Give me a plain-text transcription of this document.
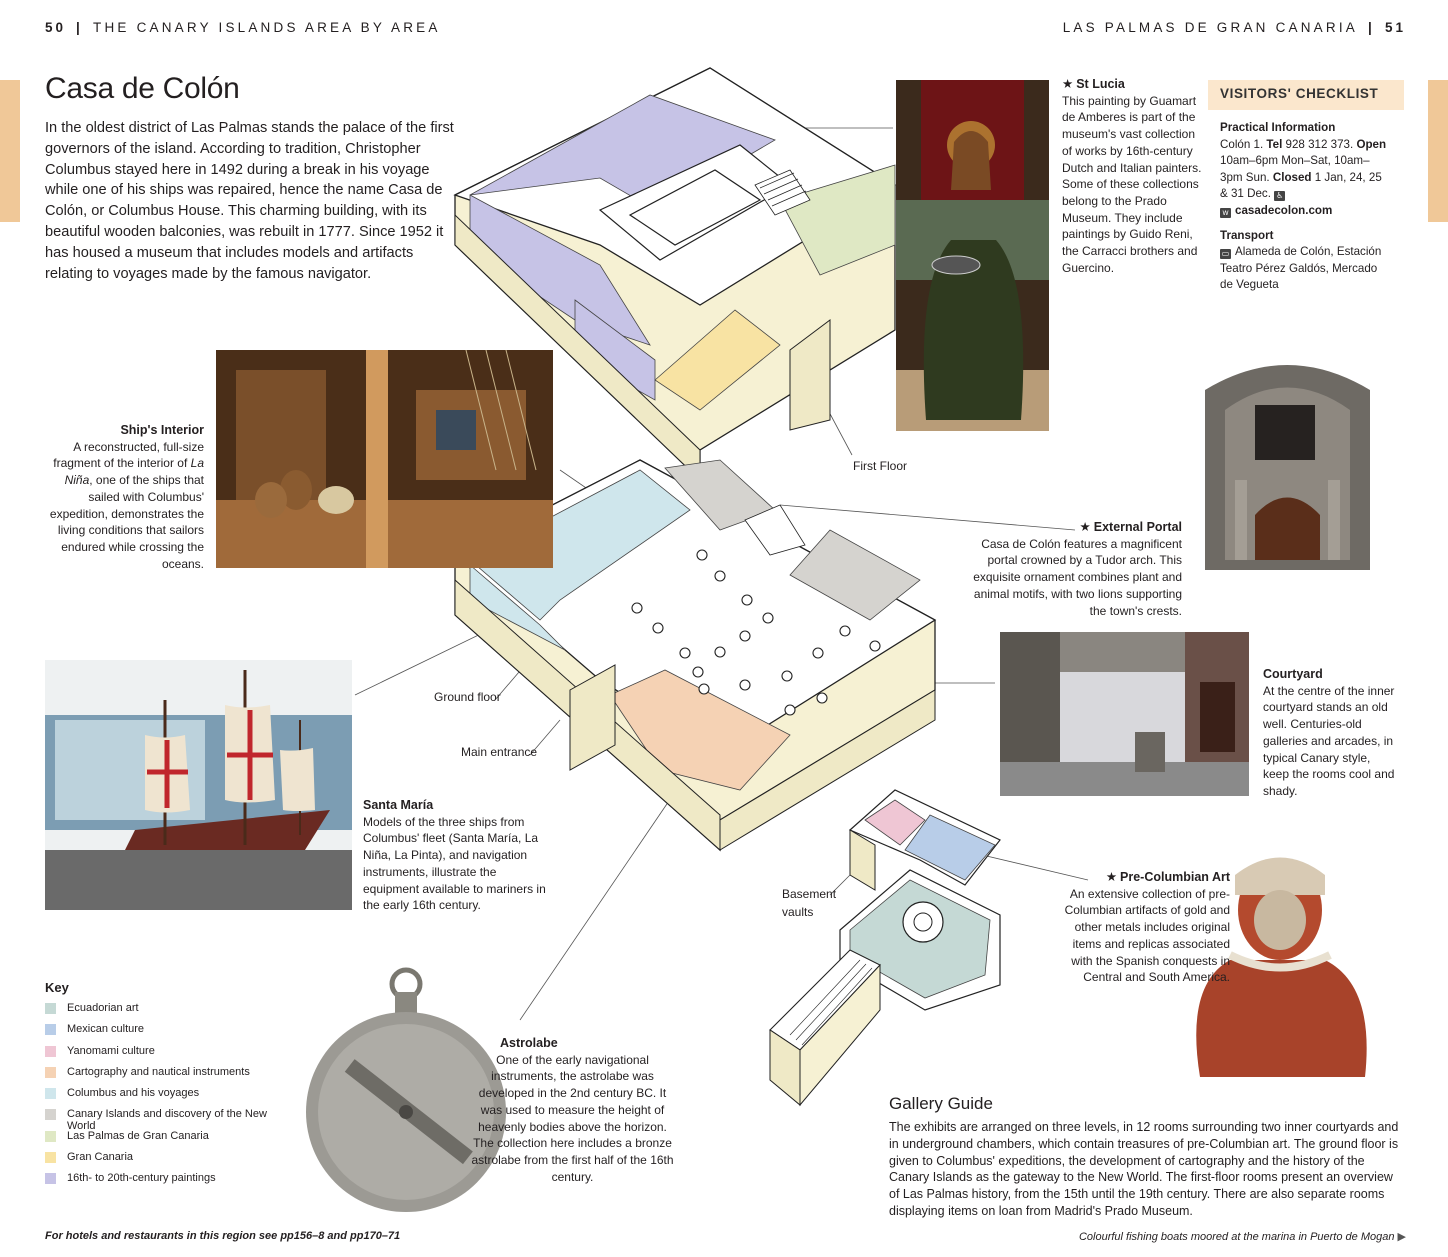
50 | THE CANARY ISLANDS AREA BY AREA	LAS PALMAS DE GRAN CANARIA | 51
Casa de Colón
In the oldest district of Las Palmas stands the palace of the first governors of the island. According to tradition, Christopher Columbus stayed here in 1492 during a break in his voyage while one of his ships was repaired, hence the name Casa de Colón, or Columbus House. This charming building, with its beautiful wooden balconies, was rebuilt in 1777. Since 1952 it has housed a museum that includes models and artifacts relating to voyages made by the famous navigator.
★ St Lucia

This painting by Guamart de Amberes is part of the museum's vast collection of works by 16th-century Dutch and Italian painters. Some of these collections belong to the Prado Museum. They include paintings by Guido Reni, the Carracci brothers and Guercino.

Ship's Interior

A reconstructed, full-size fragment of the interior of La Niña, one of the ships that sailed with Columbus' expedition, demonstrates the living conditions that sailors endured while crossing the oceans.

★ External Portal

Casa de Colón features a magnificent portal crowned by a Tudor arch. This exquisite ornament combines plant and animal motifs, with two lions supporting the town's crests.

Courtyard

At the centre of the inner courtyard stands an old well. Centuries-old galleries and arcades, in typical Canary style, keep the rooms cool and shady.

Santa María

Models of the three ships from Columbus' fleet (Santa María, La Niña, La Pinta), and navigation instruments, illustrate the equipment available to mariners in the early 16th century.

★ Pre-Columbian Art

An extensive collection of pre-Columbian artifacts of gold and other metals includes original items and replicas associated with the Spanish conquests in Central and South America.

Astrolabe

One of the early navigational instruments, the astrolabe was developed in the 2nd century BC. It was used to measure the height of heavenly bodies above the horizon. The collection here includes a bronze astrolabe from the first half of the 16th century.

First Floor
Ground floor
Main entrance
Basement
vaults
VISITORS' CHECKLIST
Practical Information
Colón 1. Tel 928 312 373. Open 10am–6pm Mon–Sat, 10am–3pm Sun. Closed 1 Jan, 24, 25 & 31 Dec. ♿
w casadecolon.com
Transport
▭ Alameda de Colón, Estación Teatro Pérez Galdós, Mercado de Vegueta
Key
Ecuadorian art
Mexican culture
Yanomami culture
Cartography and nautical instruments
Columbus and his voyages
Canary Islands and discovery of the New World
Las Palmas de Gran Canaria
Gran Canaria
16th- to 20th-century paintings
Gallery Guide

The exhibits are arranged on three levels, in 12 rooms surrounding two inner courtyards and in underground chambers, which contain treasures of pre-Columbian art. The ground floor is given to Columbus' expeditions, the development of cartography and the history of the Canary Islands as the gateway to the New World. The first-floor rooms present an overview of Las Palmas history, from the 15th until the 19th century. There are also separate rooms displaying items on loan from Madrid's Prado Museum.

For hotels and restaurants in this region see pp156–8 and pp170–71	Colourful fishing boats moored at the marina in Puerto de Mogan ▶
